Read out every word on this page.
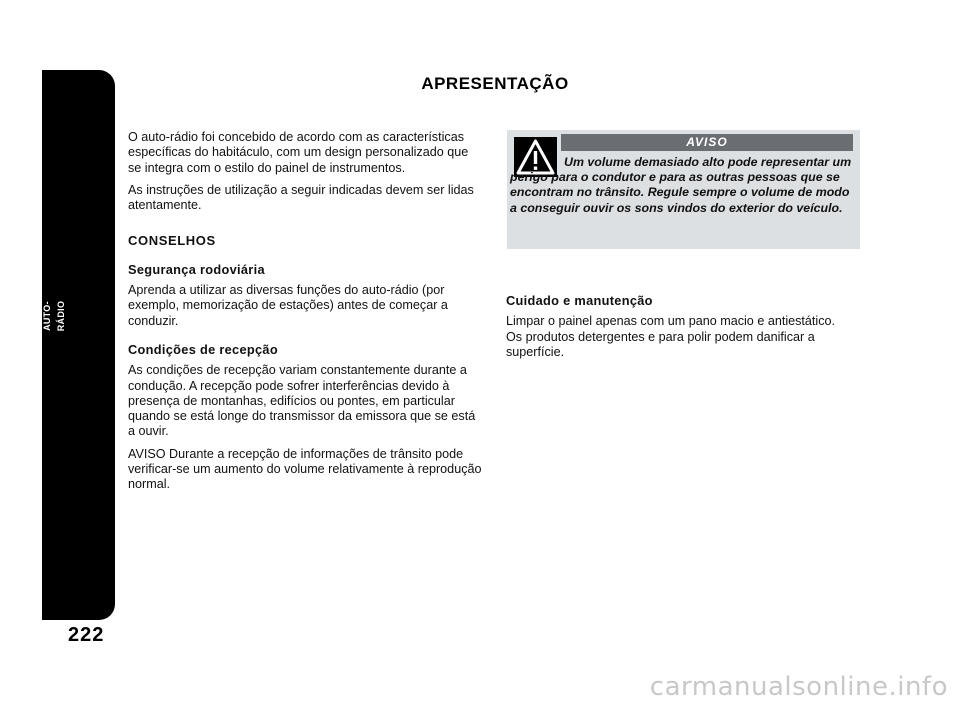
AUTO-RÁDIO
222
APRESENTAÇÃO

O auto-rádio foi concebido de acordo com as características específicas do habitáculo, com um design personalizado que se integra com o estilo do painel de instrumentos.

As instruções de utilização a seguir indicadas devem ser lidas atentamente.

CONSELHOS
Segurança rodoviária

Aprenda a utilizar as diversas funções do auto-rádio (por exemplo, memorização de estações) antes de começar a conduzir.

Condições de recepção

As condições de recepção variam constantemente durante a condução. A recepção pode sofrer interferências devido à presença de montanhas, edifícios ou pontes, em particular quando se está longe do transmissor da emissora que se está a ouvir.

AVISO Durante a recepção de informações de trânsito pode verificar-se um aumento do volume relativamente à reprodução normal.

AVISO
Um volume demasiado alto pode representar um perigo para o condutor e para as outras pessoas que se encontram no trânsito. Regule sempre o volume de modo a conseguir ouvir os sons vindos do exterior do veículo.
Cuidado e manutenção

Limpar o painel apenas com um pano macio e antiestático. Os produtos detergentes e para polir podem danificar a superfície.

carmanualsonline.info
